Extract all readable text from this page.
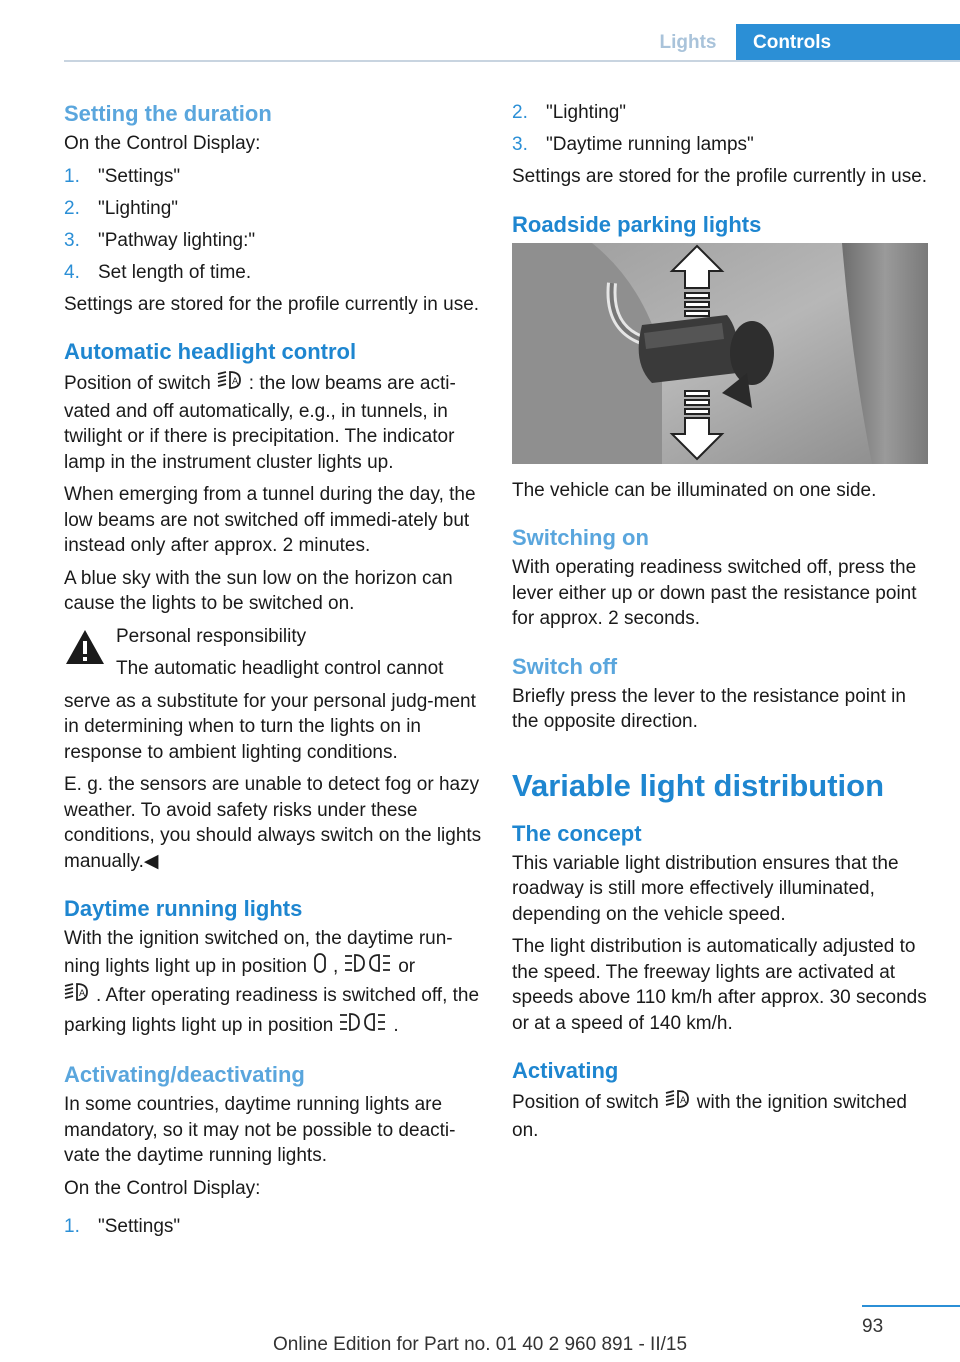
Lights	Controls
Setting the duration

On the Control Display:

1. "Settings"
2. "Lighting"
3. "Pathway lighting:"
4. Set length of time.

Settings are stored for the profile currently in use.

Automatic headlight control

Position of switch A : the low beams are acti‐vated and off automatically, e.g., in tunnels, in twilight or if there is precipitation. The indicator lamp in the instrument cluster lights up.

When emerging from a tunnel during the day, the low beams are not switched off immedi‐ately but instead only after approx. 2 minutes.

A blue sky with the sun low on the horizon can cause the lights to be switched on.

Personal responsibility

The automatic headlight control cannot

serve as a substitute for your personal judg‐ment in determining when to turn the lights on in response to ambient lighting conditions.

E. g. the sensors are unable to detect fog or hazy weather. To avoid safety risks under these conditions, you should always switch on the lights manually.◀

Daytime running lights

With the ignition switched on, the daytime run‐ning lights light up in position ,	or

A . After operating readiness is switched off, the parking lights light up in position	.

Activating/deactivating

In some countries, daytime running lights are mandatory, so it may not be possible to deacti‐vate the daytime running lights.

On the Control Display:

1. "Settings"
2. "Lighting"
3. "Daytime running lamps"

Settings are stored for the profile currently in use.

Roadside parking lights

The vehicle can be illuminated on one side.

Switching on

With operating readiness switched off, press the lever either up or down past the resistance point for approx. 2 seconds.

Switch off

Briefly press the lever to the resistance point in the opposite direction.

Variable light distribution
The concept

This variable light distribution ensures that the roadway is still more effectively illuminated, depending on the vehicle speed.

The light distribution is automatically adjusted to the speed. The freeway lights are activated at speeds above 110 km/h after approx. 30 seconds or at a speed of 140 km/h.

Activating

Position of switch A with the ignition switched on.

93
Online Edition for Part no. 01 40 2 960 891 - II/15
